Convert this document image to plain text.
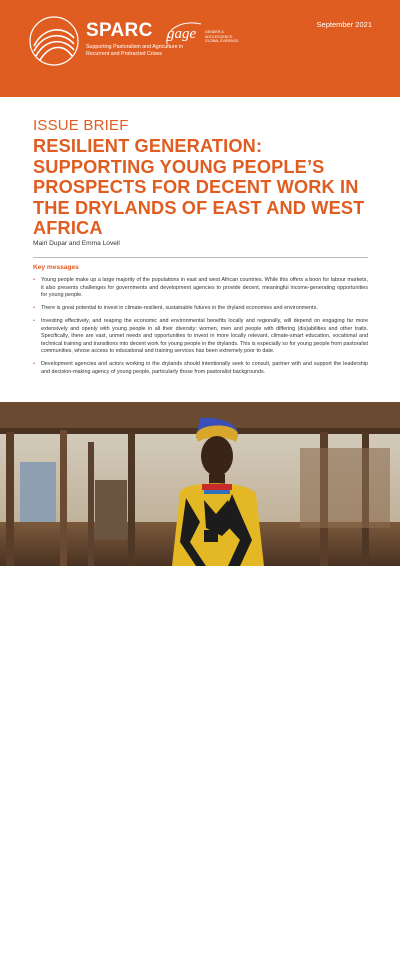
SPARC

Supporting Pastoralism and Agriculture in Recurrent and Protracted Crises

gage GENDER & ADOLESCENCE: GLOBAL EVIDENCE

September 2021

ISSUE BRIEF

RESILIENT GENERATION: SUPPORTING YOUNG PEOPLE’S PROSPECTS FOR DECENT WORK IN THE DRYLANDS OF EAST AND WEST AFRICA

Mairi Dupar and Emma Lovell

Key messages

• Young people make up a large majority of the populations in east and west African countries. While this offers a boon for labour markets, it also presents challenges for governments and development agencies to provide decent, meaningful income-generating opportunities for young people.
• There is great potential to invest in climate-resilient, sustainable futures in the dryland economies and environments.
• Investing effectively, and reaping the economic and environmental benefits locally and regionally, will depend on engaging far more extensively and openly with young people in all their diversity: women, men and people with differing (dis)abilities and other traits. Specifically, there are vast, unmet needs and opportunities to invest in more locally relevant, climate-smart education, vocational and technical training and transitions into decent work for young people in the drylands. This is especially so for young people from pastoralist communities, whose access to educational and training services has been extremely poor to date.
• Development agencies and actors working in the drylands should intentionally seek to consult, partner with and support the leadership and decision-making agency of young people, particularly those from pastoralist backgrounds.

A young Hamer woman in the village of Turmi, Ethiopia © Rod Waddington/Flickr (CC BY-SA 2.0)
